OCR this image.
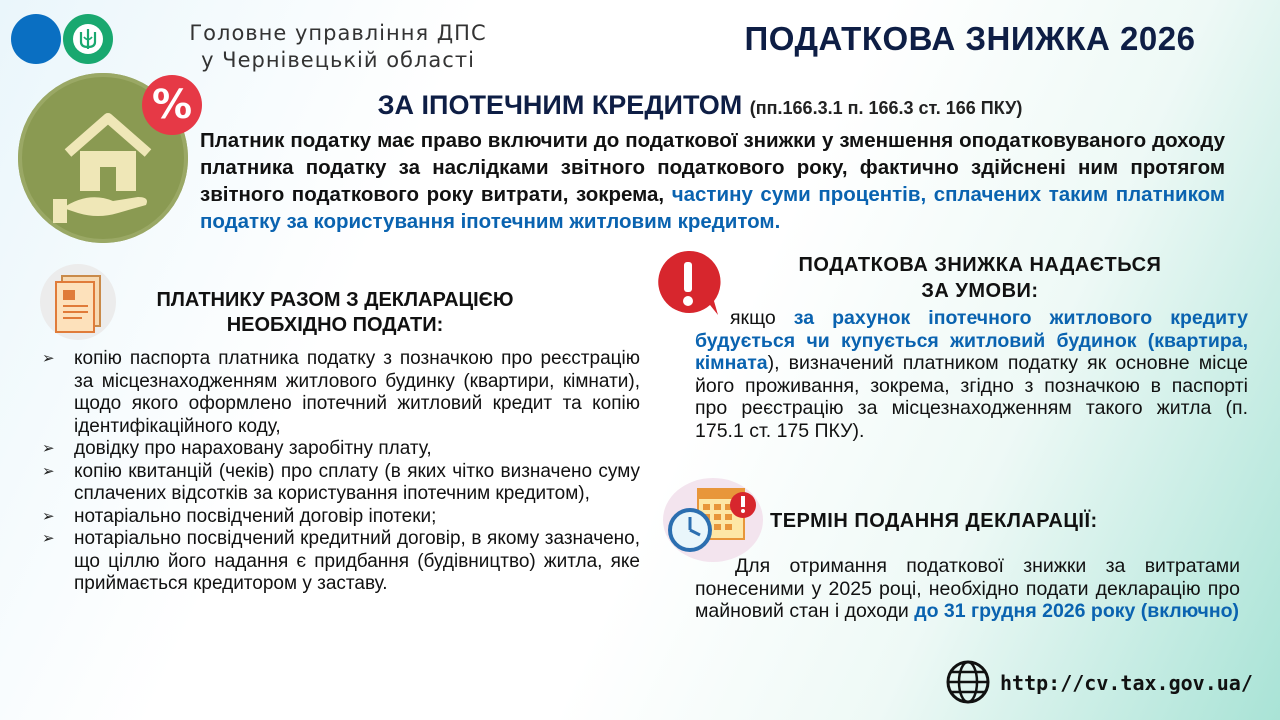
Головне управління ДПС
у Чернівецькій області
ПОДАТКОВА ЗНИЖКА 2026
%	ЗА ІПОТЕЧНИМ КРЕДИТОМ (пп.166.3.1 п. 166.3 ст. 166 ПКУ)
Платник податку має право включити до податкової знижки у зменшення оподатковуваного доходу платника податку за наслідками звітного податкового року, фактично здійснені ним протягом звітного податкового року витрати, зокрема, частину суми процентів, сплачених таким платником податку за користування іпотечним житловим кредитом.
ПЛАТНИКУ РАЗОМ З ДЕКЛАРАЦІЄЮ
НЕОБХІДНО ПОДАТИ:
➢ копію паспорта платника податку з позначкою про реєстрацію за місцезнаходженням житлового будинку (квартири, кімнати), щодо якого оформлено іпотечний житловий кредит та копію ідентифікаційного коду,
➢ довідку про нараховану заробітну плату,
➢ копію квитанцій (чеків) про сплату (в яких чітко визначено суму сплачених відсотків за користування іпотечним кредитом),
➢ нотаріально посвідчений договір іпотеки;
➢ нотаріально посвідчений кредитний договір, в якому зазначено, що ціллю його надання є придбання (будівництво) житла, яке приймається кредитором у заставу.
ПОДАТКОВА ЗНИЖКА НАДАЄТЬСЯ
ЗА УМОВИ:
якщо за рахунок іпотечного житлового кредиту будується чи купується житловий будинок (квартира, кімната), визначений платником податку як основне місце його проживання, зокрема, згідно з позначкою в паспорті про реєстрацію за місцезнаходженням такого житла (п. 175.1 ст. 175 ПКУ).
ТЕРМІН ПОДАННЯ ДЕКЛАРАЦІЇ:
Для отримання податкової знижки за витратами понесеними у 2025 році, необхідно подати декларацію про майновий стан і доходи до 31 грудня 2026 року (включно)
http://cv.tax.gov.ua/
